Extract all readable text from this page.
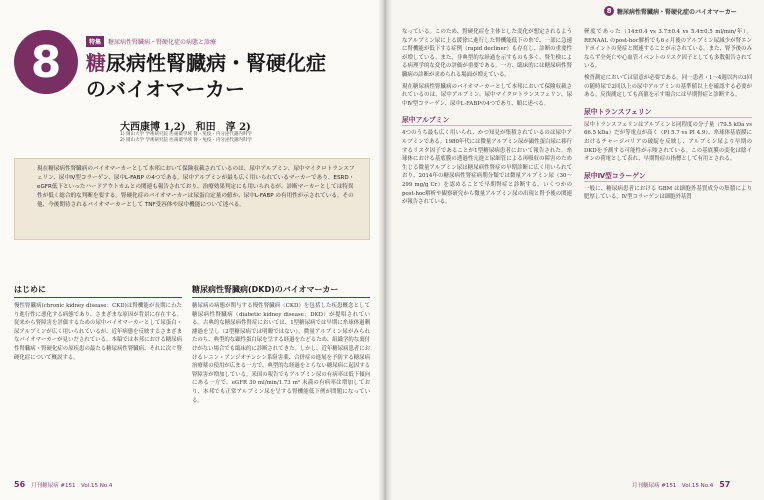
8	特集	糖尿病性腎臓病・腎硬化症の病態と診療
糖尿病性腎臓病・腎硬化症
のバイオマーカー
大西康博 1,2)　和田　淳 2)
1) 岡山大学 学術研究院 医歯薬学域 腎・免疫・内分泌代謝内科学
2) 岡山大学 学術研究院 医歯薬学域 腎・免疫・内分泌代謝内科学

現在糖尿病性腎臓病のバイオマーカーとして本邦において保険収載されているのは、尿中アルブミン、尿中マイクロトランスフェリン、尿中Ⅳ型コラーゲン、尿中L-FABP の4つである。尿中アルブミンが最も広く用いられているマーカーであり、ESRD・eGFR低下といったハードアウトカムとの関連も報告されており、治療効果判定にも用いられるが、診断マーカーとしては特異性が低く総合的な判断を要する。腎硬化症のバイオマーカーは尿蛋白定量の値か、尿中L-FABP の有用性が示されている。その他、今後期待されるバイオマーカーとして TNF受容体や尿中機能について述べる。

はじめに

慢性腎臓病(chronic kidney disease：CKD)は腎機能が長期にわたり進行性に悪化する病態であり、さまざまな原因が背景に存在する。従来から腎障害を評価するための尿中バイオマーカーとして尿蛋白・尿アルブミンが広く用いられているが、近年病態を反映するさまざまなバイオマーカーが見いだされている。本稿では本邦における糖尿病性腎臓病・腎硬化症の原疾患の最たる糖尿病性腎臓病、それに次ぐ腎硬化症について概説する。

糖尿病性腎臓病(DKD)のバイオマーカー

糖尿病の病態が関与する慢性腎臓病（CKD）を包括した疾患概念として糖尿病性腎臓病（diabetic kidney disease：DKD）が提唱されている。古典的な糖尿病性腎症においては、1型糖尿病では早期に糸球体過剰濾過を呈し（2型糖尿病では明瞭ではない）、微量アルブミン尿がみられたのち、典型的な顕性蛋白尿を呈する経過をたどるため、組織学的な裏付けがない場合でも臨床的に診断されてきた。しかし、近年糖尿病患者におけるレニン・アンジオテンシン系阻害薬、合併症の進展を予防する糖尿病治療薬の使用が広まる一方で、典型的な経過をとらない糖尿病に起因する腎障害が増加している。米国の報告でもアルブミン尿の有病率は低下傾向にある一方で、eGFR 30 ml/min/1.73 m² 未満の有病率は増加しており、本邦でも正常アルブミン尿を呈する腎機能低下例が問題になっている。

56 月刊糖尿病 #151　Vol.15 No.4
8 糖尿病性腎臓病・腎硬化症のバイオマーカー

なっている。このため、腎硬化症を主体とした変化が想定されるようなアルブミン尿に上る緩徐に進行した腎機能低下の糸で、一部に急速に腎機能が低下する症例（rapid decliner）も存在し、診断の重要性が増している。また、非典型的な経過を示すものも多く、腎生検による病理学的な変化の評価が重要である。一方、臨床的には糖尿病性腎臓病の診断が求められる場面が増えている。

現在糖尿病性腎臓病のバイオマーカーとして本邦において保険収載されているのは、尿中アルブミン、尿中マイクロトランスフェリン、尿中Ⅳ型コラーゲン、尿中L-FABPの4つであり、順に述べる。

尿中アルブミン

4つのうち最も広く用いられ、かつ知見が集積されているのは尿中アルブミンである。1980年代には微量アルブミン尿が顕性蛋白尿に移行するリスク因子であることが1型糖尿病患者において報告された。糸球体における基底膜の透過性亢進と尿細管による再吸収の障害のため生じる微量アルブミン尿は糖尿病性腎症の早期診断に広く用いられており、2014年の糖尿病性腎症病期分類では微量アルブミン尿（30～299 mg/g Cr）を認めることで早期腎症と診断する。いくつかのpost-hoc解析や観察研究から微量アルブミン尿の出現と腎予後の関連が報告されている。

軽度であった（14±0.4 vs 3.7±0.4 vs 5.4±0.5 ml/min/年）。RENAAL のpost-hoc解析でも6ヵ月後のアルブミン尿減少が腎エンドポイントの発症と関連することが示されている。また、腎予後のみならず全死亡や心血管イベントのリスク因子としても多数報告されている。

検査測定においては留意が必要である。同一患者・1～4週以内の3回の随時尿で2回以上の尿中アルブミンの基準値以上を確認する必要がある。反復測定しても高値を示す場合には早期腎症と診断する。

尿中トランスフェリン

尿中トランスフェリンはアルブミンと同程度の分子量（79.5 kDa vs 66.5 kDa）だが等電点が高く（PI 5.7 vs PI 4.9）、糸球体基底膜におけるチャージバリアの破綻を反映し、アルブミン尿より早期のDKDを予測する可能性が示唆されている。この基底膜の変化は陰イオンの荷電として表れ、早期腎症の指標として有用とされる。

尿中Ⅳ型コラーゲン

一般に、糖尿病患者における GBM は細胞外基質成分の集積により肥厚している。Ⅳ型コラーゲンは細胞外基質

月刊糖尿病 #151　Vol.15 No.4 57
